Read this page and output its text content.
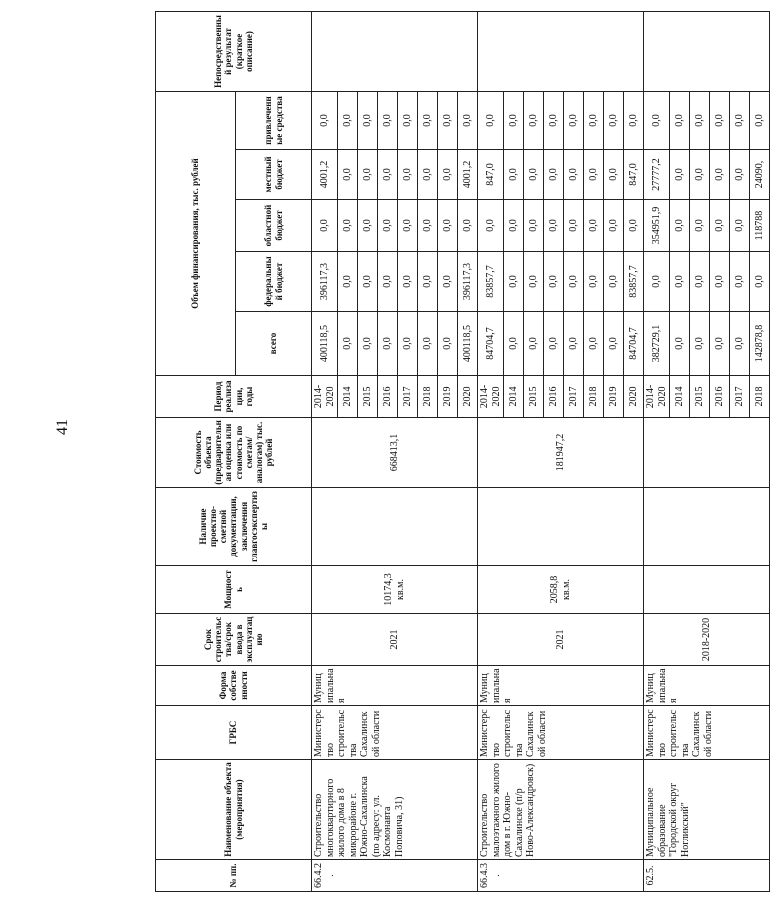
41
№ пп.	Наименование объекта (мероприятия)	ГРБС	Форма собственности	Срок строительства/срок ввода в эксплуатацию	Мощность	Наличие проектно-сметной документации, заключения главгосэкспертизы	Стоимость объекта (предварительная оценка или стоимость по сметам/аналогам) тыс. рублей	Период реализации, годы	Объем финансирования, тыс. рублей					Непосредственный результат (краткое описание)
									всего	федеральный бюджет	областной бюджет	местный бюджет	привлеченные средства	
66.4.2.	Строительство многоквартирного жилого дома в 8 микрорайоне г. Южно-Сахалинска (по адресу: ул. Космонавта Поповича, 31)	Министерство строительства Сахалинской области	Муниципальная	2021	10174,3 кв.м.		668413,1	2014-2020	400118,5	396117,3	0,0	4001,2	0,0	
								2014	0,0	0,0	0,0	0,0	0,0	
								2015	0,0	0,0	0,0	0,0	0,0	
								2016	0,0	0,0	0,0	0,0	0,0	
								2017	0,0	0,0	0,0	0,0	0,0	
								2018	0,0	0,0	0,0	0,0	0,0	
								2019	0,0	0,0	0,0	0,0	0,0	
								2020	400118,5	396117,3	0,0	4001,2	0,0	
66.4.3.	Строительство малоэтажного жилого дом в г. Южно-Сахалинске (п/р Ново-Александровск)	Министерство строительства Сахалинской области	Муниципальная	2021	2058,8 кв.м.		181947,2	2014-2020	84704,7	83857,7	0,0	847,0	0,0	
								2014	0,0	0,0	0,0	0,0	0,0	
								2015	0,0	0,0	0,0	0,0	0,0	
								2016	0,0	0,0	0,0	0,0	0,0	
								2017	0,0	0,0	0,0	0,0	0,0	
								2018	0,0	0,0	0,0	0,0	0,0	
								2019	0,0	0,0	0,0	0,0	0,0	
								2020	84704,7	83857,7	0,0	847,0	0,0	
62.5.	Муниципальное образование "Городской округ Ногликский"	Министерство строительства Сахалинской области	Муниципальная	2018-2020				2014-2020	382729,1	0,0	354951,9	27777,2	0,0	
								2014	0,0	0,0	0,0	0,0	0,0	
								2015	0,0	0,0	0,0	0,0	0,0	
								2016	0,0	0,0	0,0	0,0	0,0	
								2017	0,0	0,0	0,0	0,0	0,0	
								2018	142878,8	0,0	118788	24090,	0,0	
